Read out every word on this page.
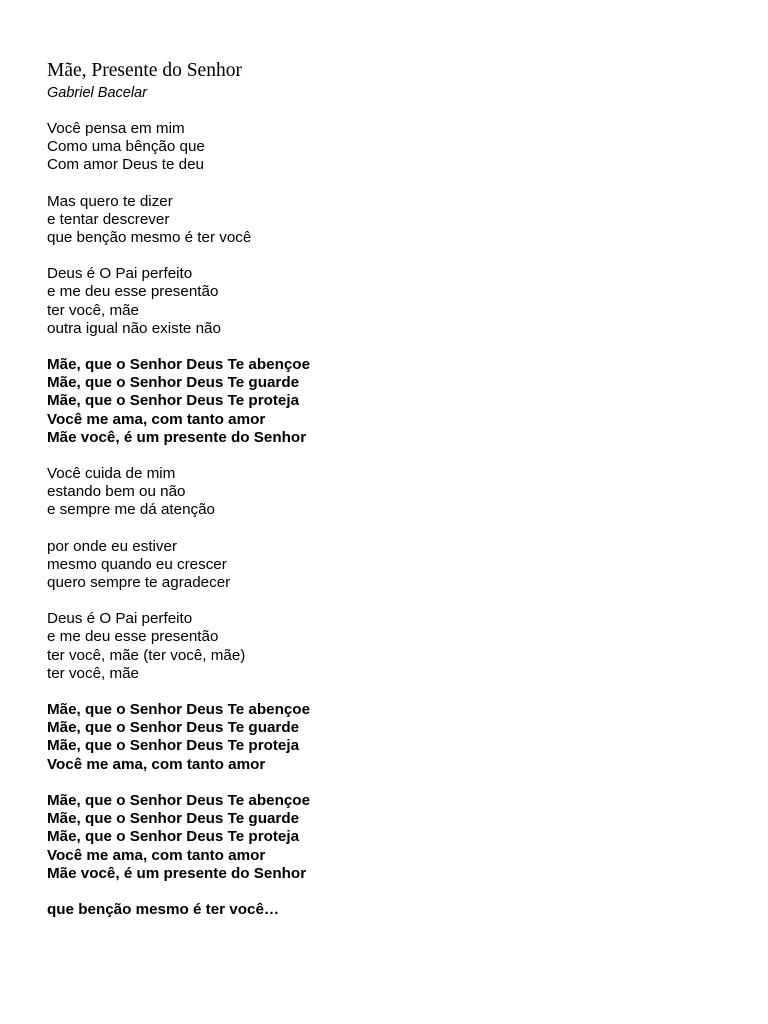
Mãe, Presente do Senhor

Gabriel Bacelar

Você pensa em mim
Como uma bênção que
Com amor Deus te deu
Mas quero te dizer
e tentar descrever
que benção mesmo é ter você
Deus é O Pai perfeito
e me deu esse presentão
ter você, mãe
outra igual não existe não
Mãe, que o Senhor Deus Te abençoe
Mãe, que o Senhor Deus Te guarde
Mãe, que o Senhor Deus Te proteja
Você me ama, com tanto amor
Mãe você, é um presente do Senhor
Você cuida de mim
estando bem ou não
e sempre me dá atenção
por onde eu estiver
mesmo quando eu crescer
quero sempre te agradecer
Deus é O Pai perfeito
e me deu esse presentão
ter você, mãe (ter você, mãe)
ter você, mãe
Mãe, que o Senhor Deus Te abençoe
Mãe, que o Senhor Deus Te guarde
Mãe, que o Senhor Deus Te proteja
Você me ama, com tanto amor
Mãe, que o Senhor Deus Te abençoe
Mãe, que o Senhor Deus Te guarde
Mãe, que o Senhor Deus Te proteja
Você me ama, com tanto amor
Mãe você, é um presente do Senhor
que benção mesmo é ter você…
